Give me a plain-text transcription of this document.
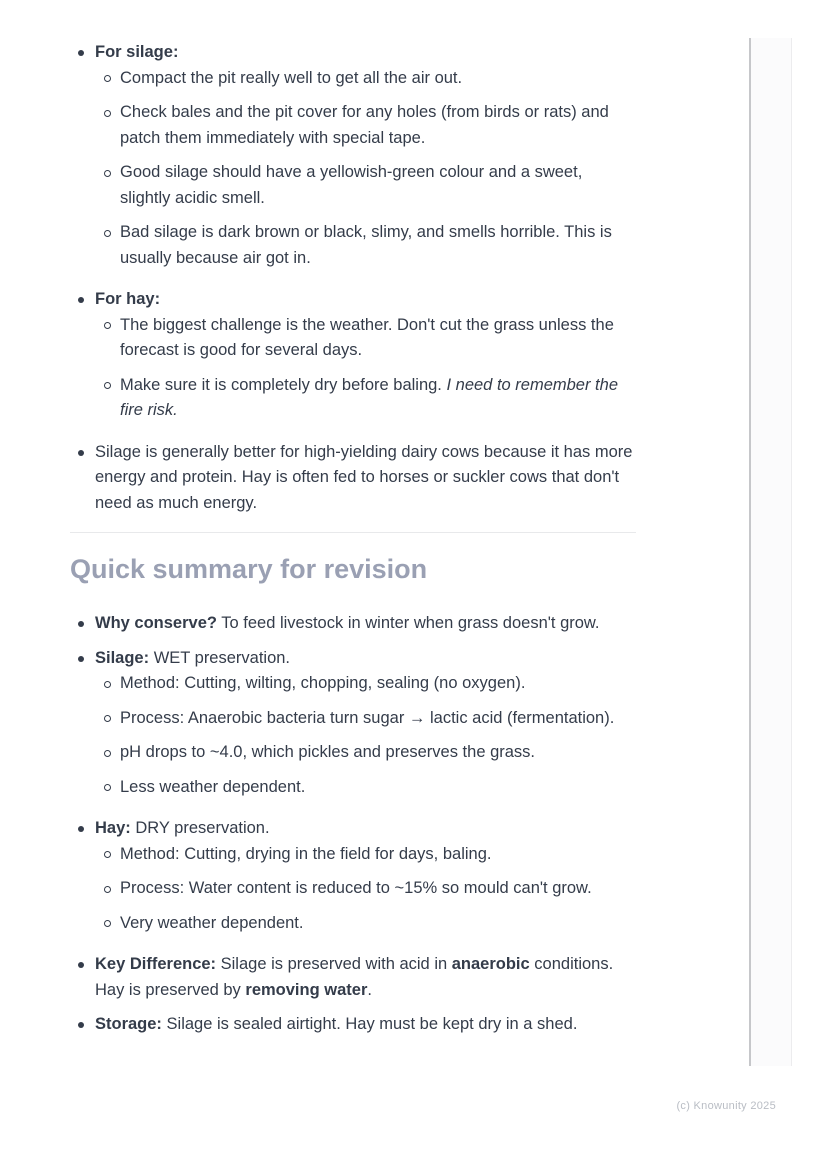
For silage:
Compact the pit really well to get all the air out.
Check bales and the pit cover for any holes (from birds or rats) and patch them immediately with special tape.
Good silage should have a yellowish-green colour and a sweet, slightly acidic smell.
Bad silage is dark brown or black, slimy, and smells horrible. This is usually because air got in.
For hay:
The biggest challenge is the weather. Don't cut the grass unless the forecast is good for several days.
Make sure it is completely dry before baling. I need to remember the fire risk.
Silage is generally better for high-yielding dairy cows because it has more energy and protein. Hay is often fed to horses or suckler cows that don't need as much energy.
Quick summary for revision
Why conserve? To feed livestock in winter when grass doesn't grow.
Silage: WET preservation.
Method: Cutting, wilting, chopping, sealing (no oxygen).
Process: Anaerobic bacteria turn sugar → lactic acid (fermentation).
pH drops to ~4.0, which pickles and preserves the grass.
Less weather dependent.
Hay: DRY preservation.
Method: Cutting, drying in the field for days, baling.
Process: Water content is reduced to ~15% so mould can't grow.
Very weather dependent.
Key Difference: Silage is preserved with acid in anaerobic conditions. Hay is preserved by removing water.
Storage: Silage is sealed airtight. Hay must be kept dry in a shed.
(c) Knowunity 2025
